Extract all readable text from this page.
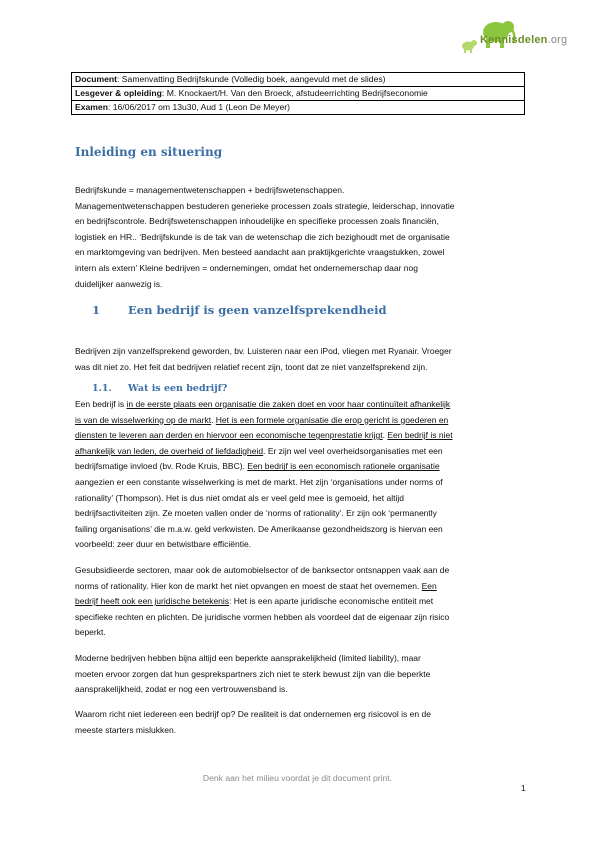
Kennisdelen.org
Document: Samenvatting Bedrijfskunde (Volledig boek, aangevuld met de slides)
Lesgever & opleiding: M. Knockaert/H. Van den Broeck, afstudeerrichting Bedrijfseconomie
Examen: 16/06/2017 om 13u30, Aud 1 (Leon De Meyer)
Inleiding en situering

Bedrijfskunde = managementwetenschappen + bedrijfswetenschappen.

Managementwetenschappen bestuderen generieke processen zoals strategie, leiderschap, innovatie

en bedrijfscontrole. Bedrijfswetenschappen inhoudelijke en specifieke processen zoals financiën,

logistiek en HR.. ‘Bedrijfskunde is de tak van de wetenschap die zich bezighoudt met de organisatie

en marktomgeving van bedrijven. Men besteed aandacht aan praktijkgerichte vraagstukken, zowel

intern als extern’ Kleine bedrijven = ondernemingen, omdat het ondernemerschap daar nog

duidelijker aanwezig is.

1 Een bedrijf is geen vanzelfsprekendheid

Bedrijven zijn vanzelfsprekend geworden, bv. Luisteren naar een iPod, vliegen met Ryanair. Vroeger

was dit niet zo. Het feit dat bedrijven relatief recent zijn, toont dat ze niet vanzelfsprekend zijn.

1.1. Wat is een bedrijf?

Een bedrijf is in de eerste plaats een organisatie die zaken doet en voor haar continuïteit afhankelijk

is van de wisselwerking op de markt. Het is een formele organisatie die erop gericht is goederen en

diensten te leveren aan derden en hiervoor een economische tegenprestatie krijgt. Een bedrijf is niet

afhankelijk van leden, de overheid of liefdadigheid. Er zijn wel veel overheidsorganisaties met een

bedrijfsmatige invloed (bv. Rode Kruis, BBC). Een bedrijf is een economisch rationele organisatie

aangezien er een constante wisselwerking is met de markt. Het zijn ‘organisations under norms of

rationality’ (Thompson). Het is dus niet omdat als er veel geld mee is gemoeid, het altijd

bedrijfsactiviteiten zijn. Ze moeten vallen onder de ‘norms of rationality’. Er zijn ook ‘permanently

failing organisations’ die m.a.w. geld verkwisten. De Amerikaanse gezondheidszorg is hiervan een

voorbeeld: zeer duur en betwistbare efficiëntie.

Gesubsidieerde sectoren, maar ook de automobielsector of de banksector ontsnappen vaak aan de

norms of rationality. Hier kon de markt het niet opvangen en moest de staat het overnemen. Een

bedrijf heeft ook een juridische betekenis: Het is een aparte juridische economische entiteit met

specifieke rechten en plichten. De juridische vormen hebben als voordeel dat de eigenaar zijn risico

beperkt.

Moderne bedrijven hebben bijna altijd een beperkte aansprakelijkheid (limited liability), maar

moeten ervoor zorgen dat hun gesprekspartners zich niet te sterk bewust zijn van die beperkte

aansprakelijkheid, zodat er nog een vertrouwensband is.

Waarom richt niet iedereen een bedrijf op? De realiteit is dat ondernemen erg risicovol is en de

meeste starters mislukken.

Denk aan het milieu voordat je dit document print.
1
